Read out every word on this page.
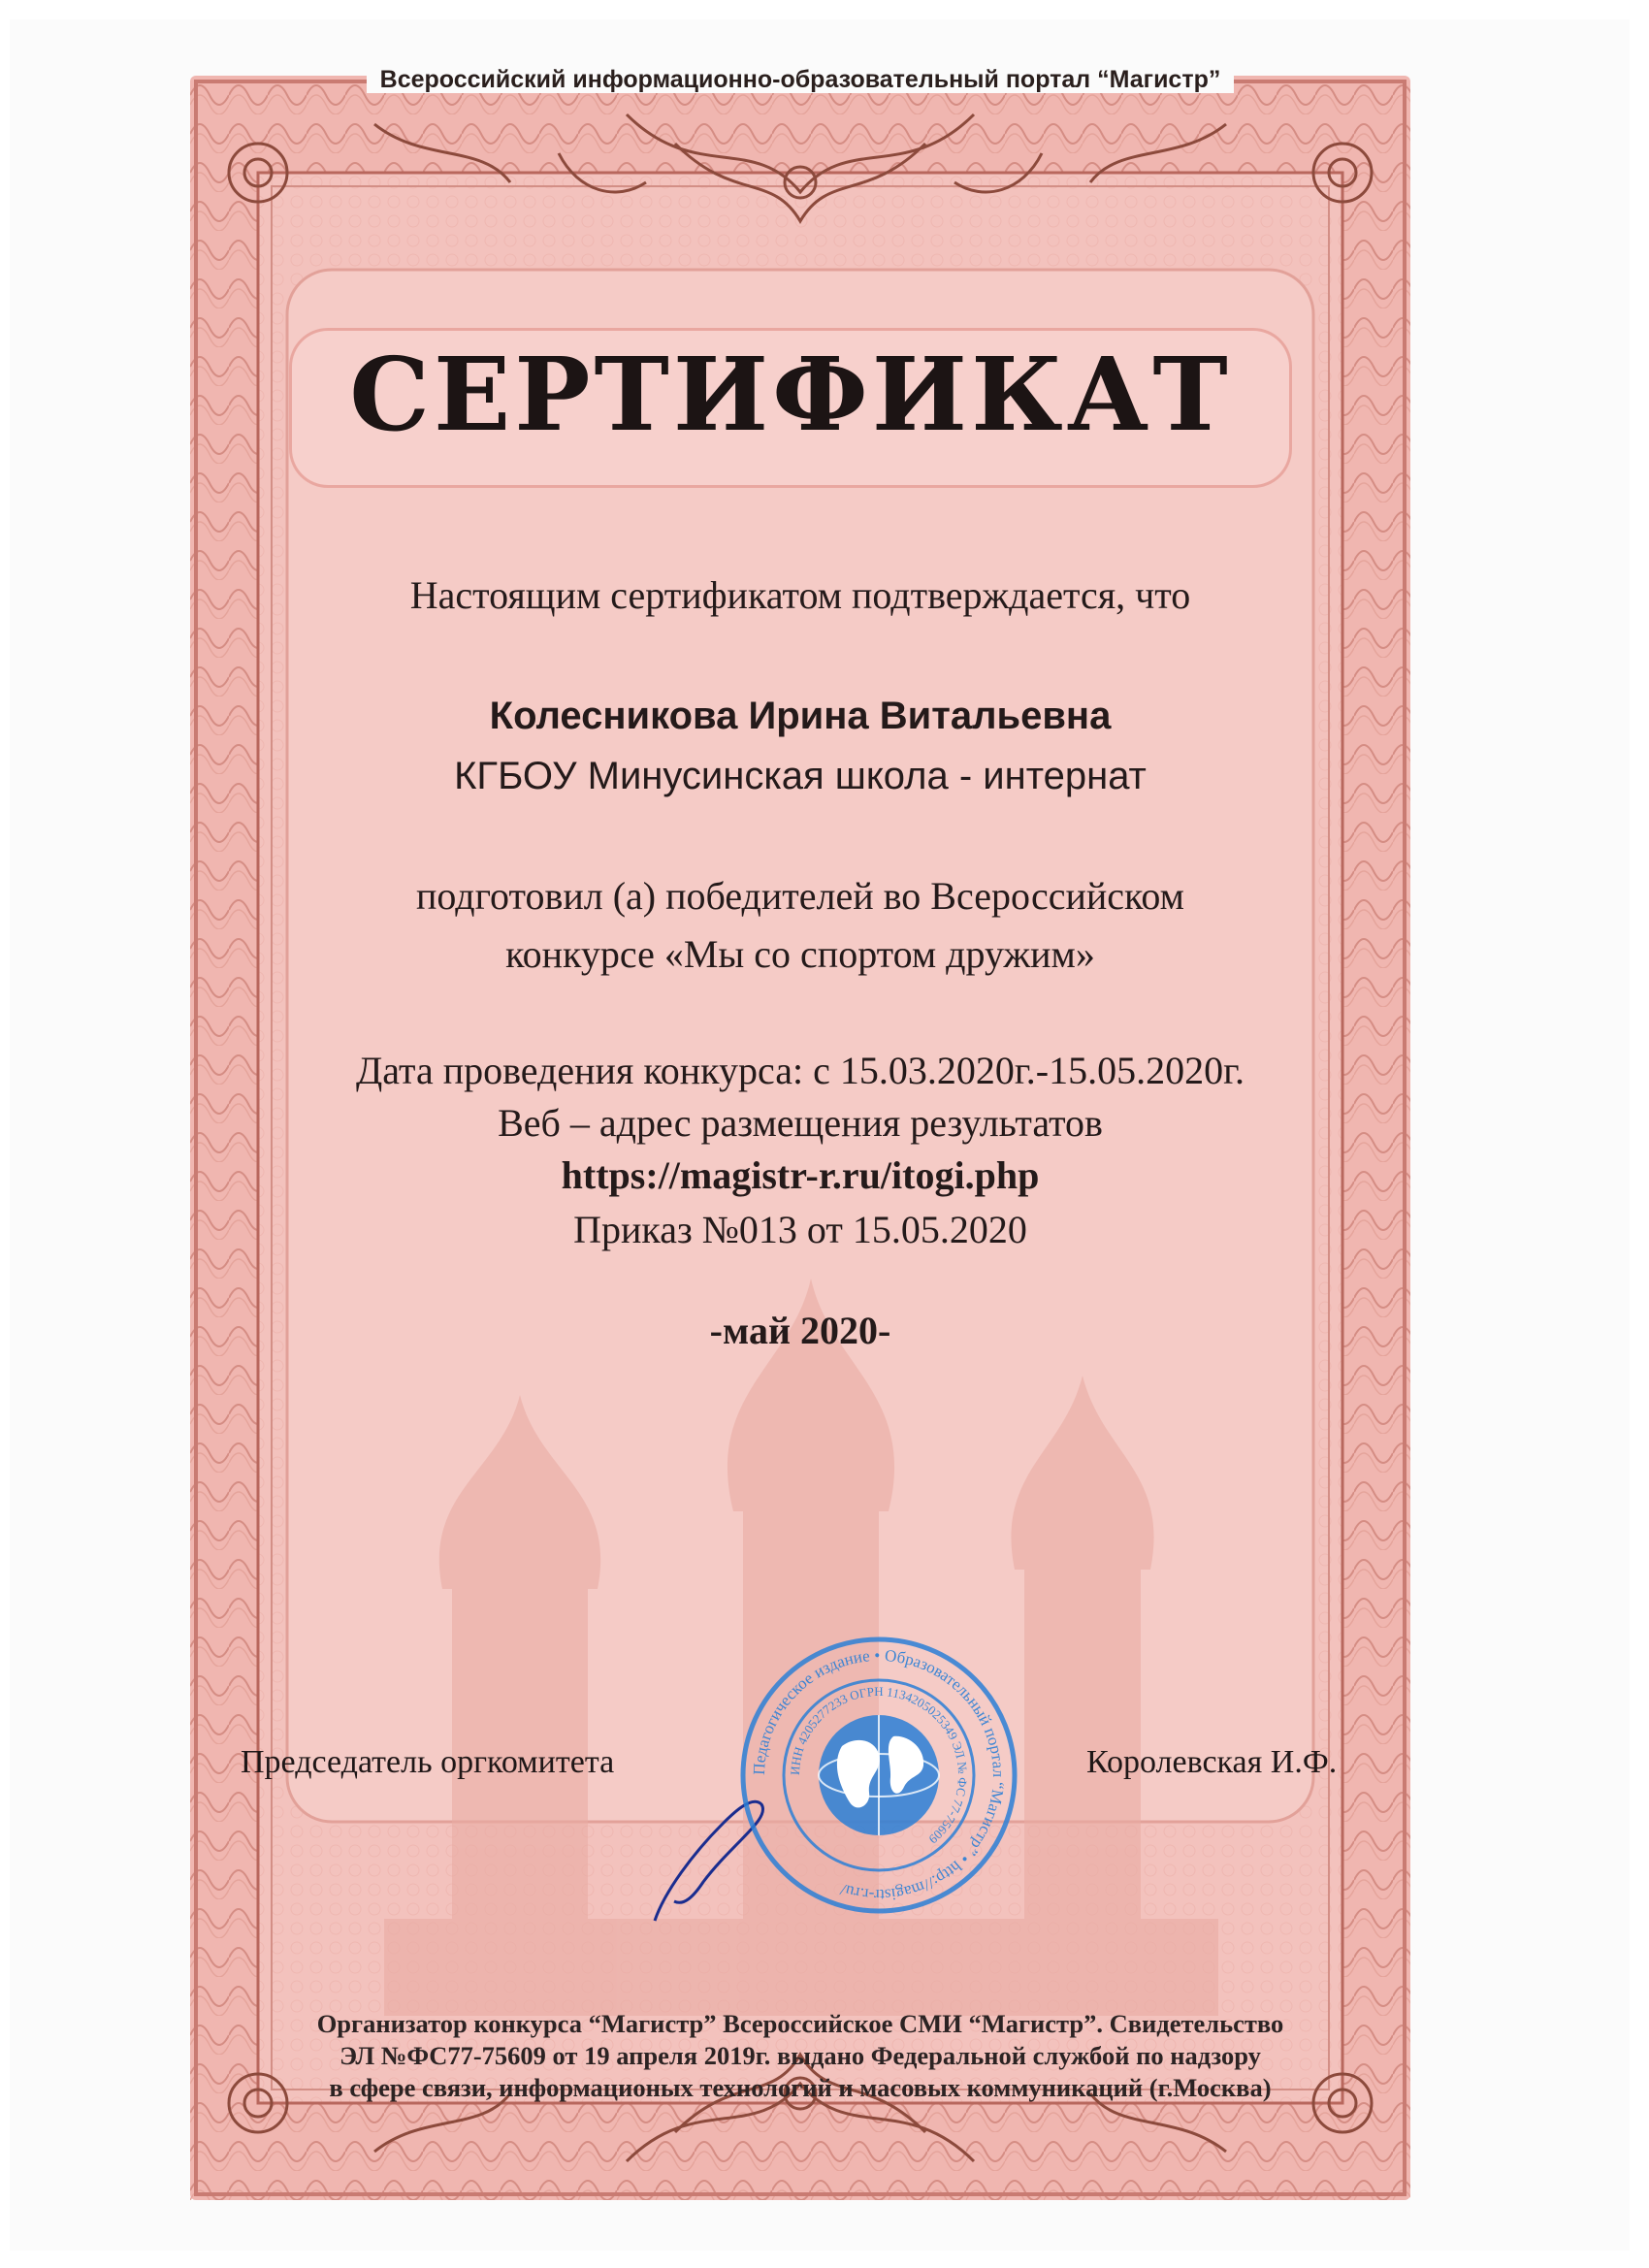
Всероссийский информационно-образовательный портал “Магистр”
СЕРТИФИКАТ
Настоящим сертификатом подтверждается, что
Колесникова Ирина Витальевна
КГБОУ Минусинская школа - интернат
подготовил (а) победителей во Всероссийском
конкурсе «Мы со спортом дружим»
Дата проведения конкурса: с 15.03.2020г.-15.05.2020г.
Веб – адрес размещения результатов
https://magistr-r.ru/itogi.php
Приказ №013 от 15.05.2020
-май 2020-
Председатель оргкомитета	Королевская И.Ф.
Педагогическое издание • Образовательный портал “Магистр” • http://magistr-r.ru/
ИНН 4205277233 ОГРН 1134205025349 ЭЛ № ФС 77-75609
Организатор конкурса “Магистр” Всероссийское СМИ “Магистр”. Свидетельство
ЭЛ №ФС77-75609 от 19 апреля 2019г. выдано Федеральной службой по надзору
в сфере связи, информационых технологий и масовых коммуникаций (г.Москва)
